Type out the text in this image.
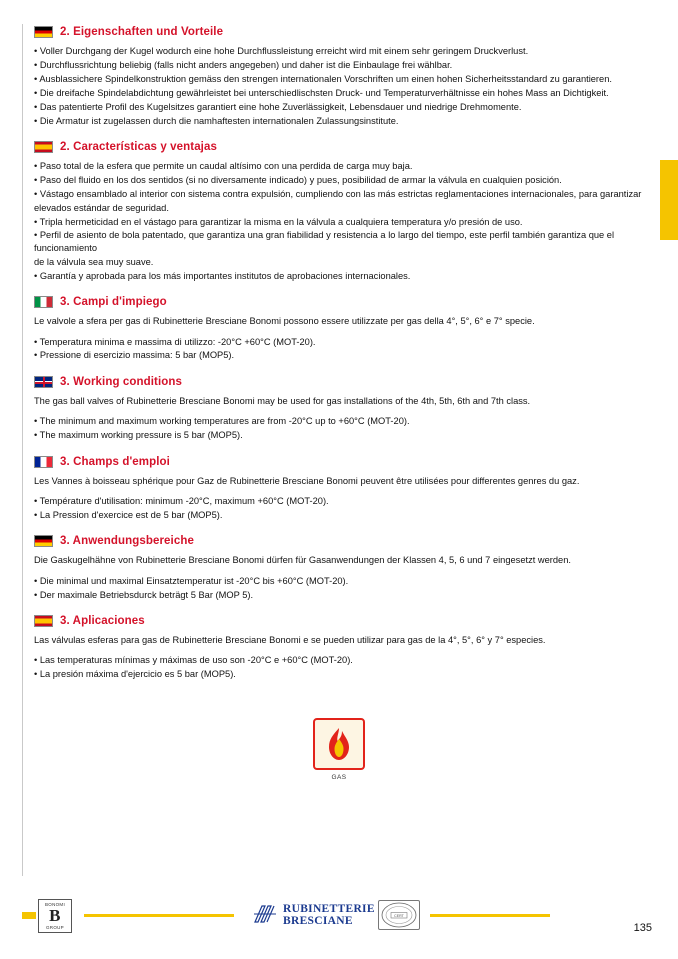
2. Eigenschaften und Vorteile

• Voller Durchgang der Kugel wodurch eine hohe Durchflussleistung erreicht wird mit einem sehr geringem Druckverlust.

• Durchflussrichtung beliebig (falls nicht anders angegeben) und daher ist die Einbaulage frei wählbar.

• Ausblassichere Spindelkonstruktion gemäss den strengen internationalen Vorschriften um einen hohen Sicherheitsstandard zu garantieren.

• Die dreifache Spindelabdichtung gewährleistet bei unterschiedlischsten Druck- und Temperaturverhältnisse ein hohes Mass an Dichtigkeit.

• Das patentierte Profil des Kugelsitzes garantiert eine hohe Zuverlässigkeit, Lebensdauer und niedrige Drehmomente.

• Die Armatur ist zugelassen durch die namhaftesten internationalen Zulassungsinstitute.

2. Características y ventajas

• Paso total de la esfera que permite un caudal altísimo con una perdida de carga muy baja.

• Paso del fluido en los dos sentidos (si no diversamente indicado) y pues, posibilidad de armar la válvula en cualquien posición.

• Vástago ensamblado al interior con sistema contra expulsión, cumpliendo con las más estrictas reglamentaciones internacionales, para garantizar

elevados estándar de seguridad.

• Tripla hermeticidad en el vástago para garantizar la misma en la válvula a cualquiera temperatura y/o presión de uso.

• Perfil de asiento de bola patentado, que garantiza una gran fiabilidad y resistencia a lo largo del tiempo, este perfil también garantiza que el funcionamiento

de la válvula sea muy suave.

• Garantía y aprobada para los más importantes institutos de aprobaciones internacionales.

3. Campi d'impiego

Le valvole a sfera per gas di Rubinetterie Bresciane Bonomi possono essere utilizzate per gas della 4°, 5°, 6° e 7° specie.

• Temperatura minima e massima di utilizzo: -20°C +60°C (MOT-20).

• Pressione di esercizio massima: 5 bar (MOP5).

3. Working conditions

The gas ball valves of Rubinetterie Bresciane Bonomi may be used for gas installations of the 4th, 5th, 6th and 7th class.

• The minimum and maximum working temperatures are from -20°C up to +60°C (MOT-20).

• The maximum working pressure is 5 bar (MOP5).

3. Champs d'emploi

Les Vannes à boisseau sphérique pour Gaz de Rubinetterie Bresciane Bonomi peuvent être utilisées pour differentes genres du gaz.

• Température d'utilisation: minimum -20°C, maximum +60°C (MOT-20).

• La Pression d'exercice est de 5 bar (MOP5).

3. Anwendungsbereiche

Die Gaskugelhähne von Rubinetterie Bresciane Bonomi dürfen für Gasanwendungen der Klassen 4, 5, 6 und 7 eingesetzt werden.

• Die minimal und maximal Einsatztemperatur ist -20°C bis +60°C (MOT-20).

• Der maximale Betriebsdurck beträgt 5 Bar (MOP 5).

3. Aplicaciones

Las válvulas esferas para gas de Rubinetterie Bresciane Bonomi e se pueden utilizar para gas de la 4°, 5°, 6° y 7° especies.

• Las temperaturas mínimas y máximas de uso son -20°C e +60°C (MOT-20).

• La presión máxima d'ejercicio es 5 bar (MOP5).

GAS
BONOMI
B
GROUP
RUBINETTERIE
BRESCIANE	CERT
135
